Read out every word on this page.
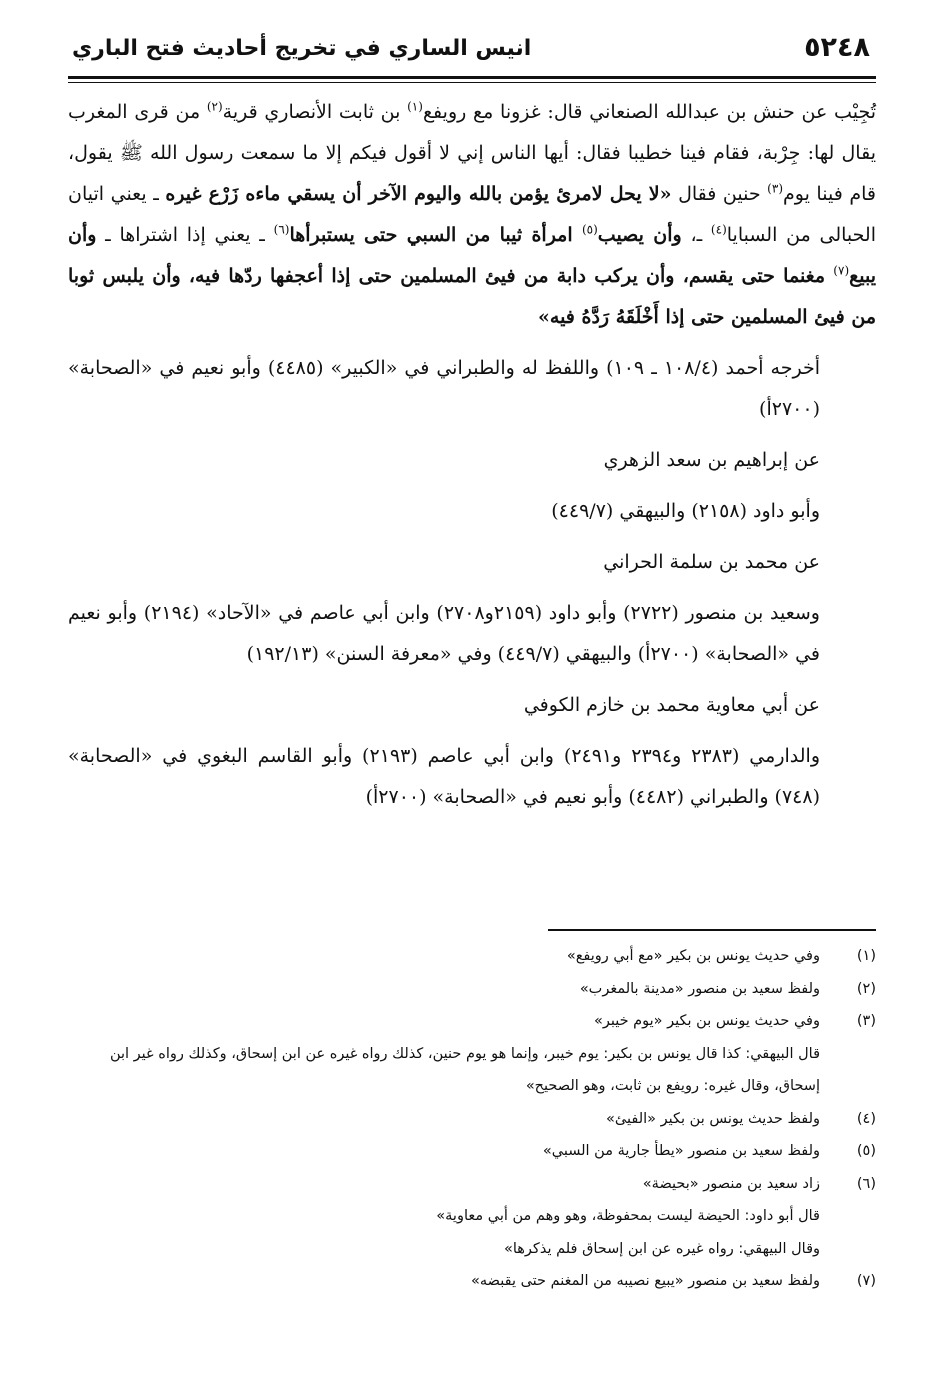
٥٢٤٨
انيس الساري في تخريج أحاديث فتح الباري

تُجِيْب عن حنش بن عبدالله الصنعاني قال: غزونا مع رويفع$^{(١)}$ بن ثابت الأنصاري قرية$^{(٢)}$ من قرى المغرب يقال لها: جِرْبة، فقام فينا خطيبا فقال: أيها الناس إني لا أقول فيكم إلا ما سمعت رسول الله ﷺ يقول، قام فينا يوم$^{(٣)}$ حنين فقال «لا يحل لامرئ يؤمن بالله واليوم الآخر أن يسقي ماءه زَرْع غيره ـ يعني اتيان الحبالى من السبايا$^{(٤)}$ ـ، وأن يصيب$^{(٥)}$ امرأة ثيبا من السبي حتى يستبرأها$^{(٦)}$ ـ يعني إذا اشتراها ـ وأن يبيع$^{(٧)}$ مغنما حتى يقسم، وأن يركب دابة من فيئ المسلمين حتى إذا أعجفها ردّها فيه، وأن يلبس ثوبا من فيئ المسلمين حتى إذا أَخْلَقَهُ رَدَّهُ فيه»

أخرجه أحمد (١٠٨/٤ ـ ١٠٩) واللفظ له والطبراني في «الكبير» (٤٤٨٥) وأبو نعيم في «الصحابة» (٢٧٠٠أ)

عن إبراهيم بن سعد الزهري

وأبو داود (٢١٥٨) والبيهقي (٤٤٩/٧)

عن محمد بن سلمة الحراني

وسعيد بن منصور (٢٧٢٢) وأبو داود (٢١٥٩و٢٧٠٨) وابن أبي عاصم في «الآحاد» (٢١٩٤) وأبو نعيم في «الصحابة» (٢٧٠٠أ) والبيهقي (٤٤٩/٧) وفي «معرفة السنن» (١٩٢/١٣)

عن أبي معاوية محمد بن خازم الكوفي

والدارمي (٢٣٨٣ و٢٣٩٤ و٢٤٩١) وابن أبي عاصم (٢١٩٣) وأبو القاسم البغوي في «الصحابة» (٧٤٨) والطبراني (٤٤٨٢) وأبو نعيم في «الصحابة» (٢٧٠٠أ)

(١)
وفي حديث يونس بن بكير «مع أبي رويفع»
(٢)
ولفظ سعيد بن منصور «مدينة بالمغرب»
(٣)
وفي حديث يونس بن بكير «يوم خيبر»
قال البيهقي: كذا قال يونس بن بكير: يوم خيبر، وإنما هو يوم حنين، كذلك رواه غيره عن ابن إسحاق، وكذلك رواه غير ابن إسحاق، وقال غيره: رويفع بن ثابت، وهو الصحيح»
(٤)
ولفظ حديث يونس بن بكير «الفيئ»
(٥)
ولفظ سعيد بن منصور «يطأ جارية من السبي»
(٦)
زاد سعيد بن منصور «بحيضة»
قال أبو داود: الحيضة ليست بمحفوظة، وهو وهم من أبي معاوية»
وقال البيهقي: رواه غيره عن ابن إسحاق فلم يذكرها»
(٧)
ولفظ سعيد بن منصور «يبيع نصيبه من المغنم حتى يقبضه»
